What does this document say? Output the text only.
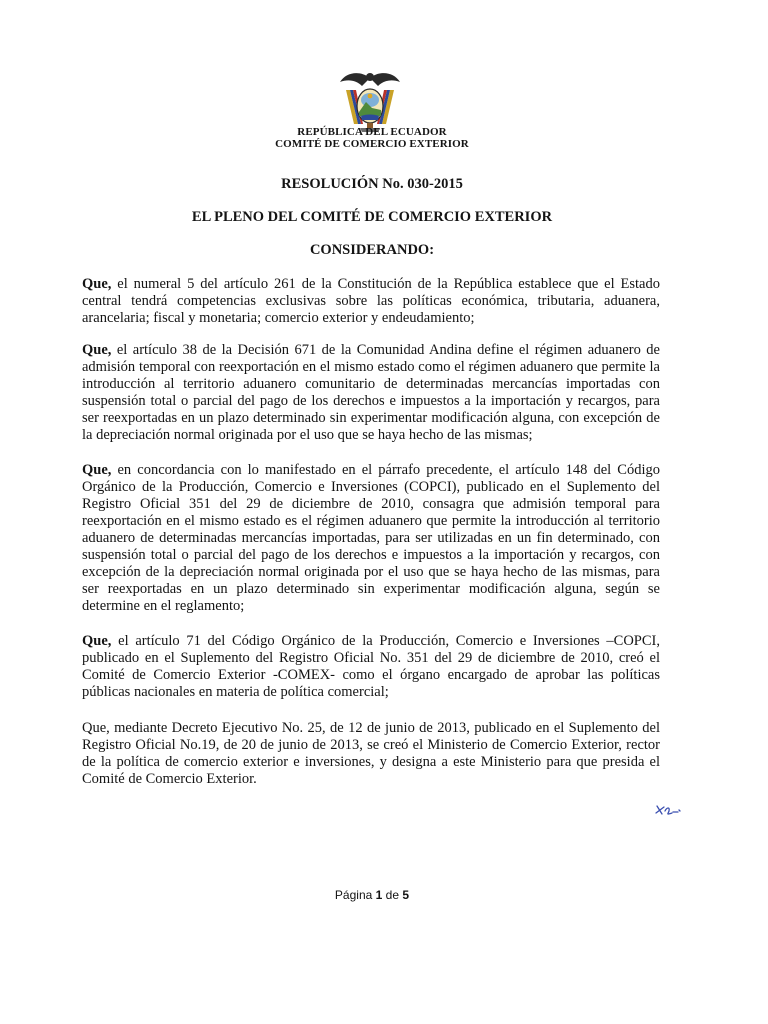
REPÚBLICA DEL ECUADOR
COMITÉ DE COMERCIO EXTERIOR
RESOLUCIÓN No. 030-2015
EL PLENO DEL COMITÉ DE COMERCIO EXTERIOR
CONSIDERANDO:

Que, el numeral 5 del artículo 261 de la Constitución de la República establece que el Estado central tendrá competencias exclusivas sobre las políticas económica, tributaria, aduanera, arancelaria; fiscal y monetaria; comercio exterior y endeudamiento;

Que, el artículo 38 de la Decisión 671 de la Comunidad Andina define el régimen aduanero de admisión temporal con reexportación en el mismo estado como el régimen aduanero que permite la introducción al territorio aduanero comunitario de determinadas mercancías importadas con suspensión total o parcial del pago de los derechos e impuestos a la importación y recargos, para ser reexportadas en un plazo determinado sin experimentar modificación alguna, con excepción de la depreciación normal originada por el uso que se haya hecho de las mismas;

Que, en concordancia con lo manifestado en el párrafo precedente, el artículo 148 del Código Orgánico de la Producción, Comercio e Inversiones (COPCI), publicado en el Suplemento del Registro Oficial 351 del 29 de diciembre de 2010, consagra que admisión temporal para reexportación en el mismo estado es el régimen aduanero que permite la introducción al territorio aduanero de determinadas mercancías importadas, para ser utilizadas en un fin determinado, con suspensión total o parcial del pago de los derechos e impuestos a la importación y recargos, con excepción de la depreciación normal originada por el uso que se haya hecho de las mismas, para ser reexportadas en un plazo determinado sin experimentar modificación alguna, según se determine en el reglamento;

Que, el artículo 71 del Código Orgánico de la Producción, Comercio e Inversiones –COPCI, publicado en el Suplemento del Registro Oficial No. 351 del 29 de diciembre de 2010, creó el Comité de Comercio Exterior -COMEX- como el órgano encargado de aprobar las políticas públicas nacionales en materia de política comercial;

Que, mediante Decreto Ejecutivo No. 25, de 12 de junio de 2013, publicado en el Suplemento del Registro Oficial No.19, de 20 de junio de 2013, se creó el Ministerio de Comercio Exterior, rector de la política de comercio exterior e inversiones, y designa a este Ministerio para que presida el Comité de Comercio Exterior.

Página 1 de 5
